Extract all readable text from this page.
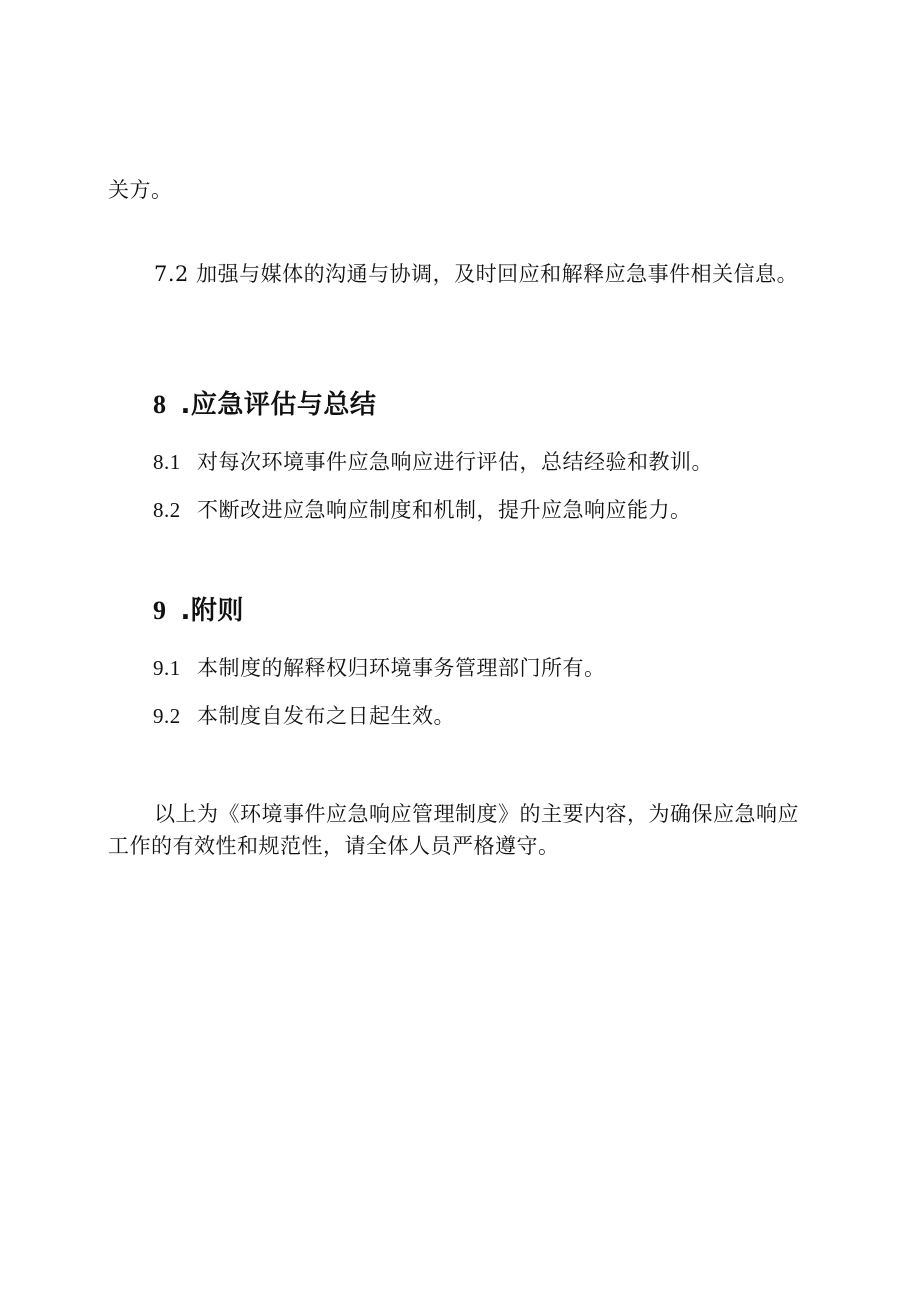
关方。
7.2 加强与媒体的沟通与协调，及时回应和解释应急事件相关信息。
8 .应急评估与总结
8.1 对每次环境事件应急响应进行评估，总结经验和教训。
8.2 不断改进应急响应制度和机制，提升应急响应能力。
9 .附则
9.1 本制度的解释权归环境事务管理部门所有。
9.2 本制度自发布之日起生效。
以上为《环境事件应急响应管理制度》的主要内容，为确保应急响应工作的有效性和规范性，请全体人员严格遵守。
